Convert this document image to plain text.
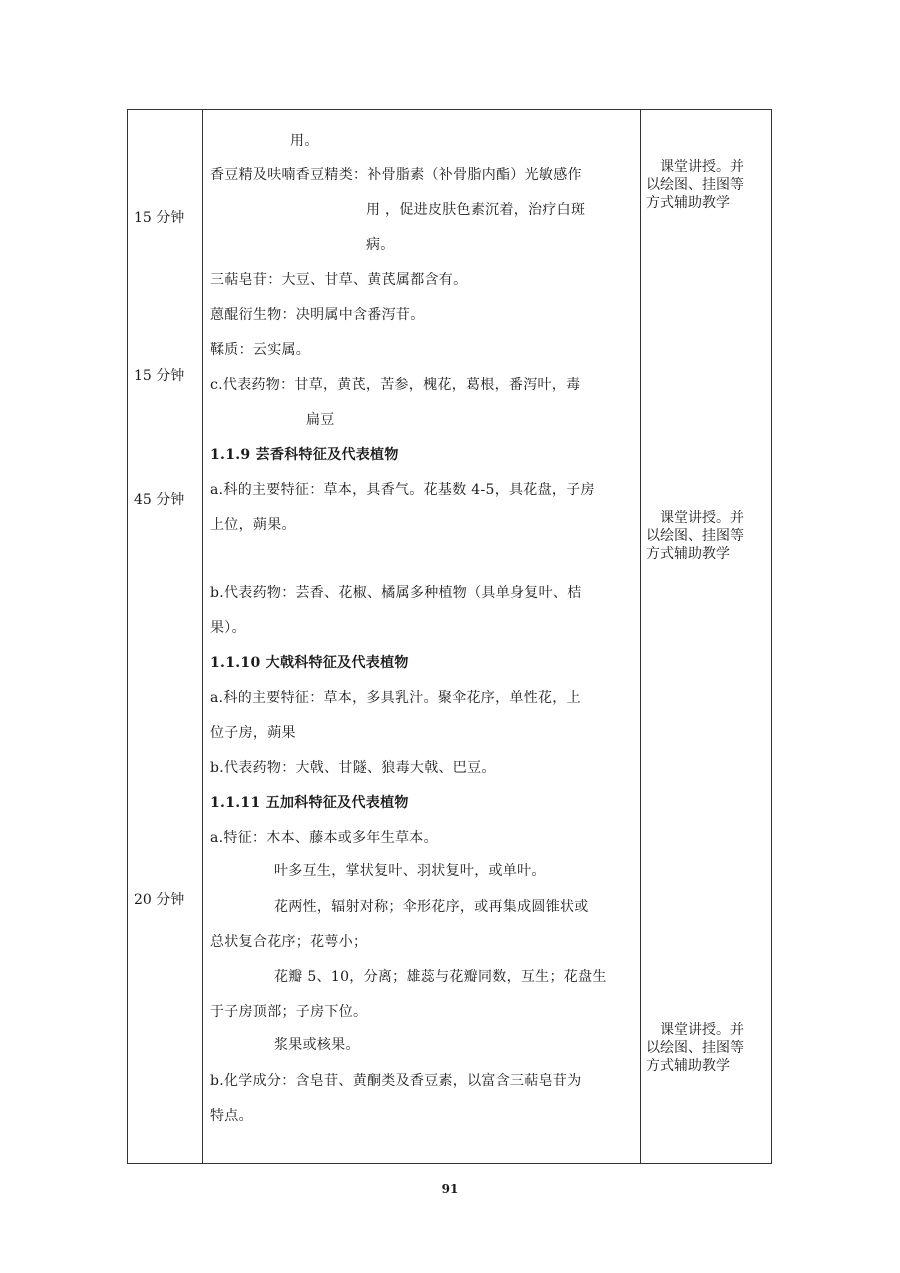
15 分钟
15 分钟
45 分钟
20 分钟
课堂讲授。并
以绘图、挂图等
方式辅助教学
课堂讲授。并
以绘图、挂图等
方式辅助教学
课堂讲授。并
以绘图、挂图等
方式辅助教学
用。
香豆精及呋喃香豆精类：补骨脂素（补骨脂内酯）光敏感作
用 ，促进皮肤色素沉着，治疗白斑
病。
三萜皂苷：大豆、甘草、黄芪属都含有。
蒽醌衍生物：决明属中含番泻苷。
鞣质：云实属。
c.代表药物：甘草，黄芪，苦参，槐花，葛根，番泻叶，毒
扁豆
1.1.9 芸香科特征及代表植物
a.科的主要特征：草本，具香气。花基数 4-5，具花盘，子房
上位，蒴果。
b.代表药物：芸香、花椒、橘属多种植物（具单身复叶、桔
果）。
1.1.10 大戟科特征及代表植物
a.科的主要特征：草本，多具乳汁。聚伞花序，单性花，上
位子房，蒴果
b.代表药物：大戟、甘隧、狼毒大戟、巴豆。
1.1.11 五加科特征及代表植物
a.特征：木本、藤本或多年生草本。
叶多互生，掌状复叶、羽状复叶，或单叶。
花两性，辐射对称；伞形花序，或再集成圆锥状或
总状复合花序；花萼小；
花瓣 5、10，分离；雄蕊与花瓣同数，互生；花盘生
于子房顶部；子房下位。
浆果或核果。
b.化学成分：含皂苷、黄酮类及香豆素，以富含三萜皂苷为
特点。
91
